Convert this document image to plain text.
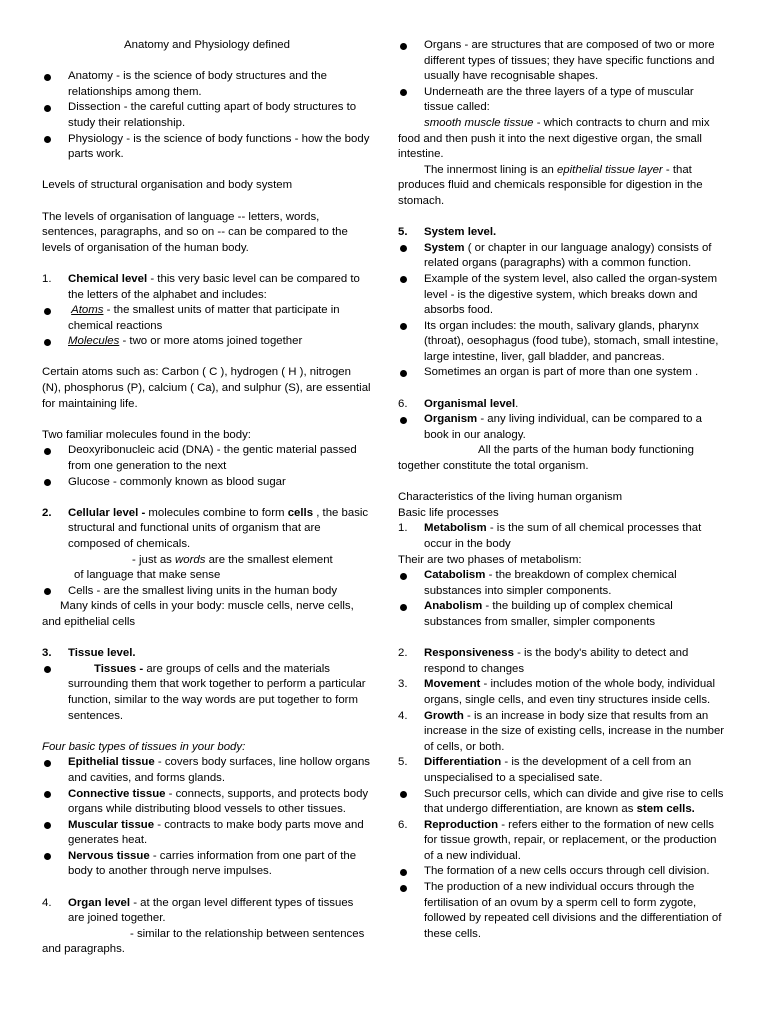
Anatomy and Physiology defined

Anatomy - is the science of body structures and the relationships among them.
Dissection - the careful cutting apart of body structures to study their relationship.
Physiology - is the science of body functions - how the body parts work.

Levels of structural organisation and body system

The levels of organisation of language -- letters, words, sentences, paragraphs, and so on -- can be compared to the levels of organisation of the human body.

1.	Chemical level - this very basic level can be compared to the letters of the alphabet and includes:
Atoms - the smallest units of matter that participate in chemical reactions
Molecules - two or more atoms joined together

Certain atoms such as: Carbon ( C ), hydrogen ( H ), nitrogen (N), phosphorus (P), calcium ( Ca), and sulphur (S), are essential for maintaining life.

Two familiar molecules found in the body:

Deoxyribonucleic acid (DNA) - the gentic material passed from one generation to the next
Glucose - commonly known as blood sugar
2.	Cellular level - molecules combine to form cells , the basic structural and functional units of organism that are composed of chemicals.

- just as words are the smallest element

of language that make sense

Cells - are the smallest living units in the human body

Many kinds of cells in your body: muscle cells, nerve cells,

and epithelial cells

3.	Tissue level.
Tissues - are groups of cells and the materials surrounding them that work together to perform a particular function, similar to the way words are put together to form sentences.

Four basic types of tissues in your body:

Epithelial tissue - covers body surfaces, line hollow organs and cavities, and forms glands.
Connective tissue - connects, supports, and protects body organs while distributing blood vessels to other tissues.
Muscular tissue - contracts to make body parts move and generates heat.
Nervous tissue - carries information from one part of the body to another through nerve impulses.
4.	Organ level - at the organ level different types of tissues are joined together.

- similar to the relationship between sentences

and paragraphs.

Organs - are structures that are composed of two or more different types of tissues; they have specific functions and usually have recognisable shapes.
Underneath are the three layers of a type of muscular tissue called:

smooth muscle tissue - which contracts to churn and mix

food and then push it into the next digestive organ, the small intestine.

The innermost lining is an epithelial tissue layer - that

produces fluid and chemicals responsible for digestion in the stomach.

5.	System level.
System ( or chapter in our language analogy) consists of related organs (paragraphs) with a common function.
Example of the system level, also called the organ-system level - is the digestive system, which breaks down and absorbs food.
Its organ includes: the mouth, salivary glands, pharynx (throat), oesophagus (food tube), stomach, small intestine, large intestine, liver, gall bladder, and pancreas.
Sometimes an organ is part of more than one system .
6.	Organismal level.
Organism - any living individual, can be compared to a book in our analogy.

All the parts of the human body functioning

together constitute the total organism.

Characteristics of the living human organism

Basic life processes

1.	Metabolism - is the sum of all chemical processes that occur in the body

Their are two phases of metabolism:

Catabolism - the breakdown of complex chemical substances into simpler components.
Anabolism - the building up of complex chemical substances from smaller, simpler components
2.	Responsiveness - is the body's ability to detect and respond to changes
3.	Movement - includes motion of the whole body, individual organs, single cells, and even tiny structures inside cells.
4.	Growth - is an increase in body size that results from an increase in the size of existing cells, increase in the number of cells, or both.
5.	Differentiation - is the development of a cell from an unspecialised to a specialised sate.
Such precursor cells, which can divide and give rise to cells that undergo differentiation, are known as stem cells.
6.	Reproduction - refers either to the formation of new cells for tissue growth, repair, or replacement, or the production of a new individual.
The formation of a new cells occurs through cell division.
The production of a new individual occurs through the fertilisation of an ovum by a sperm cell to form zygote, followed by repeated cell divisions and the differentiation of these cells.
